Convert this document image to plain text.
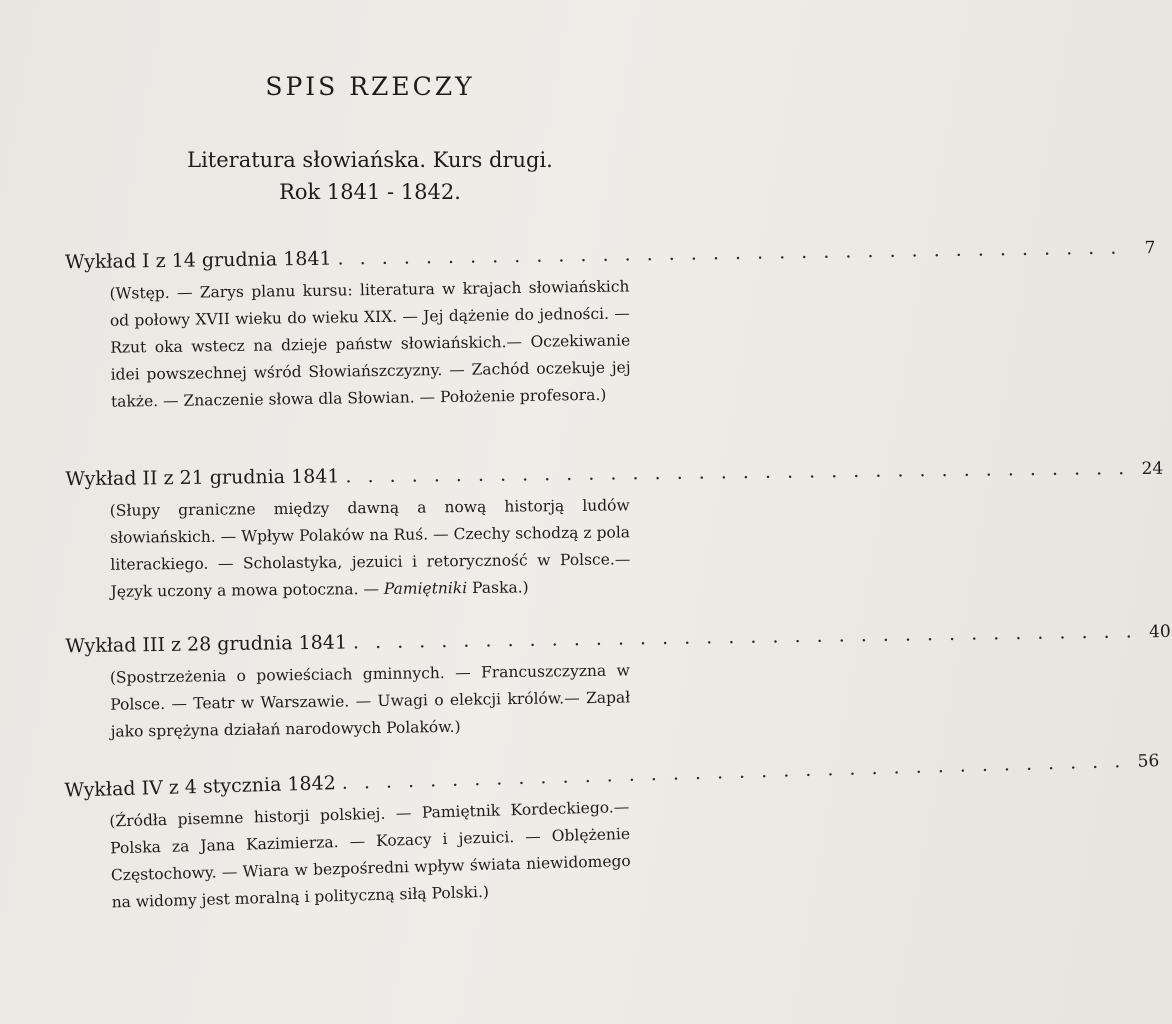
SPIS RZECZY
Literatura słowiańska. Kurs drugi.
Rok 1841 - 1842.
Wykład I z 14 grudnia 1841 . . . . . . . . . . . . . . . . . . . . . . . . . . . . . . . . . . . .	7
(Wstęp. — Zarys planu kursu: literatura w krajach słowiańskich od połowy XVII wieku do wieku XIX. — Jej dążenie do jedności. — Rzut oka wstecz na dzieje państw słowiańskich.— Oczekiwanie idei powszechnej wśród Słowiańszczyzny. — Zachód oczekuje jej także. — Znaczenie słowa dla Słowian. — Położenie profesora.)
Wykład II z 21 grudnia 1841 . . . . . . . . . . . . . . . . . . . . . . . . . . . . . . . . . . . . 24
(Słupy graniczne między dawną a nową historją ludów słowiańskich. — Wpływ Polaków na Ruś. — Czechy schodzą z pola literackiego. — Scholastyka, jezuici i retoryczność w Polsce.— Język uczony a mowa potoczna. — Pamiętniki Paska.)
Wykład III z 28 grudnia 1841 . . . . . . . . . . . . . . . . . . . . . . . . . . . . . . . . . . . . 40
(Spostrzeżenia o powieściach gminnych. — Francuszczyzna w Polsce. — Teatr w Warszawie. — Uwagi o elekcji królów.— Zapał jako sprężyna działań narodowych Polaków.)
Wykład IV z 4 stycznia 1842 . . . . . . . . . . . . . . . . . . . . . . . . . . . . . . . . . . . . 56
(Źródła pisemne historji polskiej. — Pamiętnik Kordeckiego.— Polska za Jana Kazimierza. — Kozacy i jezuici. — Oblężenie Częstochowy. — Wiara w bezpośredni wpływ świata niewidomego na widomy jest moralną i polityczną siłą Polski.)
